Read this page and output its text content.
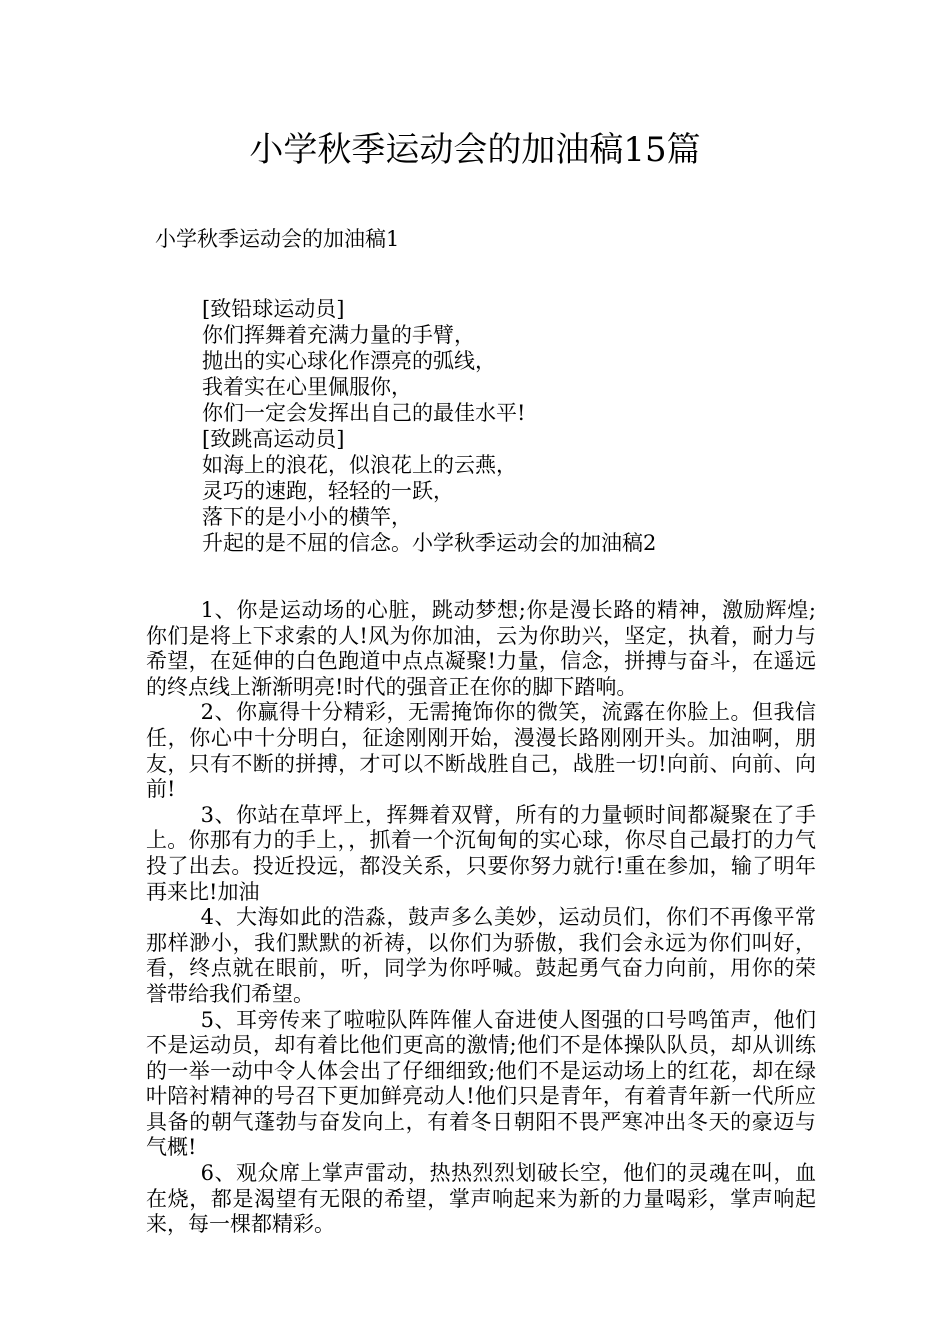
小学秋季运动会的加油稿15篇
小学秋季运动会的加油稿1
[致铅球运动员]
你们挥舞着充满力量的手臂，
抛出的实心球化作漂亮的弧线，
我着实在心里佩服你，
你们一定会发挥出自己的最佳水平!
[致跳高运动员]
如海上的浪花，似浪花上的云燕，
灵巧的速跑，轻轻的一跃，
落下的是小小的横竿，
升起的是不屈的信念。小学秋季运动会的加油稿2

1、你是运动场的心脏，跳动梦想;你是漫长路的精神，激励辉煌;你们是将上下求索的人!风为你加油，云为你助兴，坚定，执着，耐力与希望，在延伸的白色跑道中点点凝聚!力量，信念，拼搏与奋斗，在遥远的终点线上渐渐明亮!时代的强音正在你的脚下踏响。

2、你赢得十分精彩，无需掩饰你的微笑，流露在你脸上。但我信任，你心中十分明白，征途刚刚开始，漫漫长路刚刚开头。加油啊，朋友，只有不断的拼搏，才可以不断战胜自己，战胜一切!向前、向前、向前!

3、你站在草坪上，挥舞着双臂，所有的力量顿时间都凝聚在了手上。你那有力的手上，，抓着一个沉甸甸的实心球，你尽自己最打的力气投了出去。投近投远，都没关系，只要你努力就行!重在参加，输了明年再来比!加油

4、大海如此的浩淼，鼓声多么美妙，运动员们，你们不再像平常那样渺小，我们默默的祈祷，以你们为骄傲，我们会永远为你们叫好，看，终点就在眼前，听，同学为你呼喊。鼓起勇气奋力向前，用你的荣誉带给我们希望。

5、耳旁传来了啦啦队阵阵催人奋进使人图强的口号鸣笛声，他们不是运动员，却有着比他们更高的激情;他们不是体操队队员，却从训练的一举一动中令人体会出了仔细细致;他们不是运动场上的红花，却在绿叶陪衬精神的号召下更加鲜亮动人!他们只是青年，有着青年新一代所应具备的朝气蓬勃与奋发向上，有着冬日朝阳不畏严寒冲出冬天的豪迈与气概!

6、观众席上掌声雷动，热热烈烈划破长空，他们的灵魂在叫，血在烧，都是渴望有无限的希望，掌声响起来为新的力量喝彩，掌声响起来，每一棵都精彩。
